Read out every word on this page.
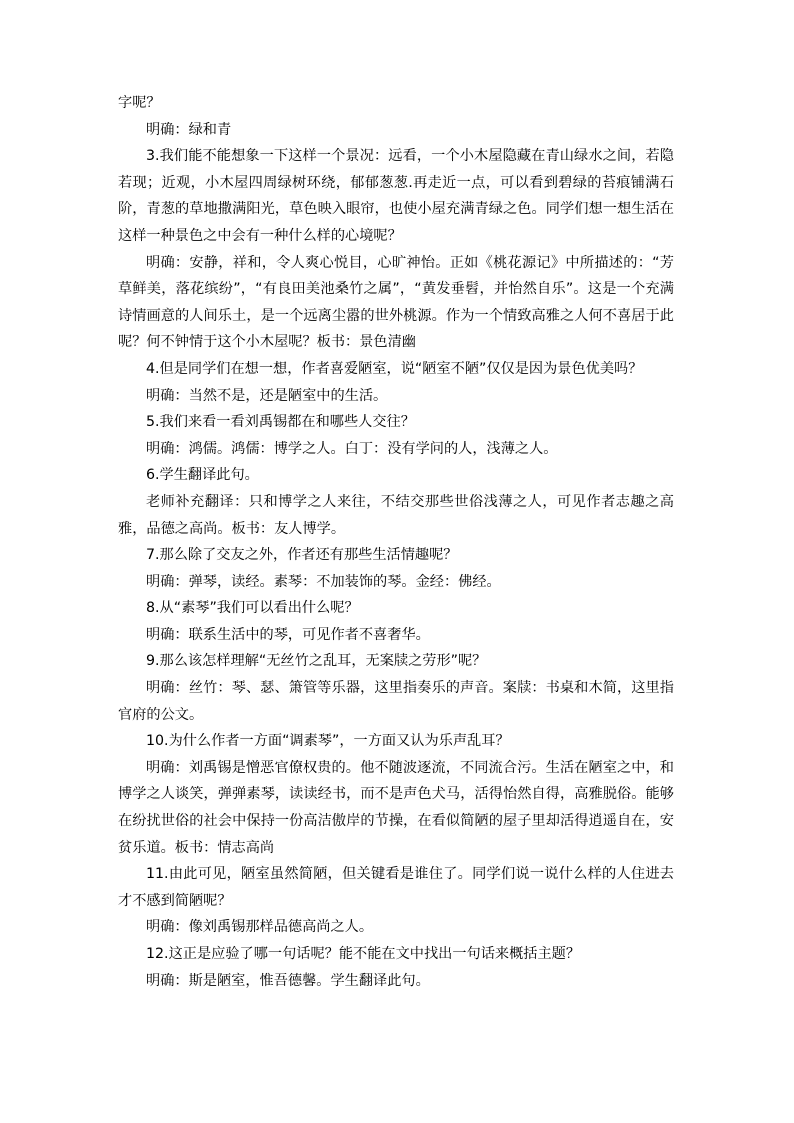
字呢？

明确：绿和青

3.我们能不能想象一下这样一个景况：远看，一个小木屋隐藏在青山绿水之间，若隐若现；近观，小木屋四周绿树环绕，郁郁葱葱.再走近一点，可以看到碧绿的苔痕铺满石阶，青葱的草地撒满阳光，草色映入眼帘，也使小屋充满青绿之色。同学们想一想生活在这样一种景色之中会有一种什么样的心境呢？

明确：安静，祥和，令人爽心悦目，心旷神怡。正如《桃花源记》中所描述的：“芳草鲜美，落花缤纷”，“有良田美池桑竹之属”，“黄发垂髫，并怡然自乐”。这是一个充满诗情画意的人间乐土，是一个远离尘嚣的世外桃源。作为一个情致高雅之人何不喜居于此呢？何不钟情于这个小木屋呢？板书：景色清幽

4.但是同学们在想一想，作者喜爱陋室，说“陋室不陋”仅仅是因为景色优美吗？

明确：当然不是，还是陋室中的生活。

5.我们来看一看刘禹锡都在和哪些人交往？

明确：鸿儒。鸿儒：博学之人。白丁：没有学问的人，浅薄之人。

6.学生翻译此句。

老师补充翻译：只和博学之人来往，不结交那些世俗浅薄之人，可见作者志趣之高雅，品德之高尚。板书：友人博学。

7.那么除了交友之外，作者还有那些生活情趣呢？

明确：弹琴，读经。素琴：不加装饰的琴。金经：佛经。

8.从“素琴”我们可以看出什么呢？

明确：联系生活中的琴，可见作者不喜奢华。

9.那么该怎样理解“无丝竹之乱耳，无案牍之劳形”呢？

明确：丝竹：琴、瑟、箫管等乐器，这里指奏乐的声音。案牍：书桌和木简，这里指官府的公文。

10.为什么作者一方面“调素琴”，一方面又认为乐声乱耳？

明确：刘禹锡是憎恶官僚权贵的。他不随波逐流，不同流合污。生活在陋室之中，和博学之人谈笑，弹弹素琴，读读经书，而不是声色犬马，活得怡然自得，高雅脱俗。能够在纷扰世俗的社会中保持一份高洁傲岸的节操，在看似简陋的屋子里却活得逍遥自在，安贫乐道。板书：情志高尚

11.由此可见，陋室虽然简陋，但关键看是谁住了。同学们说一说什么样的人住进去才不感到简陋呢？

明确：像刘禹锡那样品德高尚之人。

12.这正是应验了哪一句话呢？能不能在文中找出一句话来概括主题？

明确：斯是陋室，惟吾德馨。学生翻译此句。
